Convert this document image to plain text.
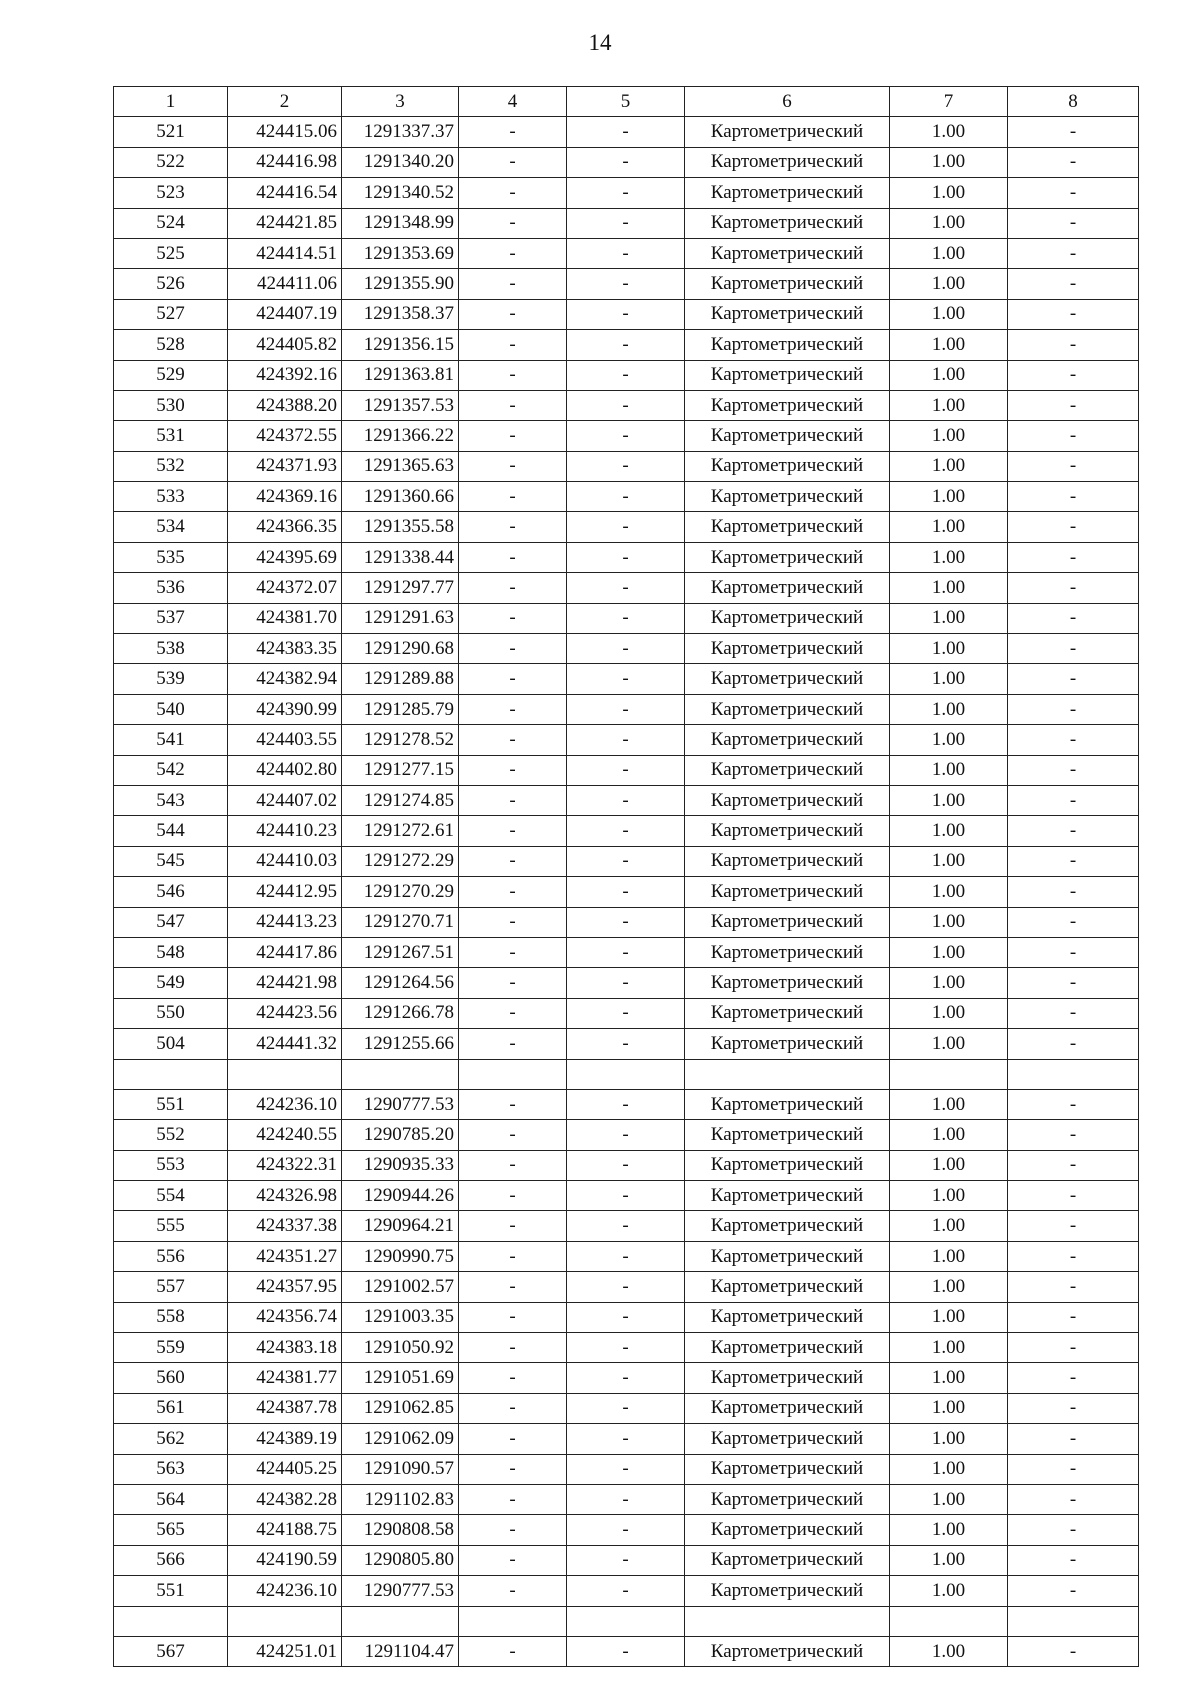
14
1	2	3	4	5	6	7	8
521	424415.06	1291337.37	-	-	Картометрический	1.00	-
522	424416.98	1291340.20	-	-	Картометрический	1.00	-
523	424416.54	1291340.52	-	-	Картометрический	1.00	-
524	424421.85	1291348.99	-	-	Картометрический	1.00	-
525	424414.51	1291353.69	-	-	Картометрический	1.00	-
526	424411.06	1291355.90	-	-	Картометрический	1.00	-
527	424407.19	1291358.37	-	-	Картометрический	1.00	-
528	424405.82	1291356.15	-	-	Картометрический	1.00	-
529	424392.16	1291363.81	-	-	Картометрический	1.00	-
530	424388.20	1291357.53	-	-	Картометрический	1.00	-
531	424372.55	1291366.22	-	-	Картометрический	1.00	-
532	424371.93	1291365.63	-	-	Картометрический	1.00	-
533	424369.16	1291360.66	-	-	Картометрический	1.00	-
534	424366.35	1291355.58	-	-	Картометрический	1.00	-
535	424395.69	1291338.44	-	-	Картометрический	1.00	-
536	424372.07	1291297.77	-	-	Картометрический	1.00	-
537	424381.70	1291291.63	-	-	Картометрический	1.00	-
538	424383.35	1291290.68	-	-	Картометрический	1.00	-
539	424382.94	1291289.88	-	-	Картометрический	1.00	-
540	424390.99	1291285.79	-	-	Картометрический	1.00	-
541	424403.55	1291278.52	-	-	Картометрический	1.00	-
542	424402.80	1291277.15	-	-	Картометрический	1.00	-
543	424407.02	1291274.85	-	-	Картометрический	1.00	-
544	424410.23	1291272.61	-	-	Картометрический	1.00	-
545	424410.03	1291272.29	-	-	Картометрический	1.00	-
546	424412.95	1291270.29	-	-	Картометрический	1.00	-
547	424413.23	1291270.71	-	-	Картометрический	1.00	-
548	424417.86	1291267.51	-	-	Картометрический	1.00	-
549	424421.98	1291264.56	-	-	Картометрический	1.00	-
550	424423.56	1291266.78	-	-	Картометрический	1.00	-
504	424441.32	1291255.66	-	-	Картометрический	1.00	-

551	424236.10	1290777.53	-	-	Картометрический	1.00	-
552	424240.55	1290785.20	-	-	Картометрический	1.00	-
553	424322.31	1290935.33	-	-	Картометрический	1.00	-
554	424326.98	1290944.26	-	-	Картометрический	1.00	-
555	424337.38	1290964.21	-	-	Картометрический	1.00	-
556	424351.27	1290990.75	-	-	Картометрический	1.00	-
557	424357.95	1291002.57	-	-	Картометрический	1.00	-
558	424356.74	1291003.35	-	-	Картометрический	1.00	-
559	424383.18	1291050.92	-	-	Картометрический	1.00	-
560	424381.77	1291051.69	-	-	Картометрический	1.00	-
561	424387.78	1291062.85	-	-	Картометрический	1.00	-
562	424389.19	1291062.09	-	-	Картометрический	1.00	-
563	424405.25	1291090.57	-	-	Картометрический	1.00	-
564	424382.28	1291102.83	-	-	Картометрический	1.00	-
565	424188.75	1290808.58	-	-	Картометрический	1.00	-
566	424190.59	1290805.80	-	-	Картометрический	1.00	-
551	424236.10	1290777.53	-	-	Картометрический	1.00	-

567	424251.01	1291104.47	-	-	Картометрический	1.00	-
